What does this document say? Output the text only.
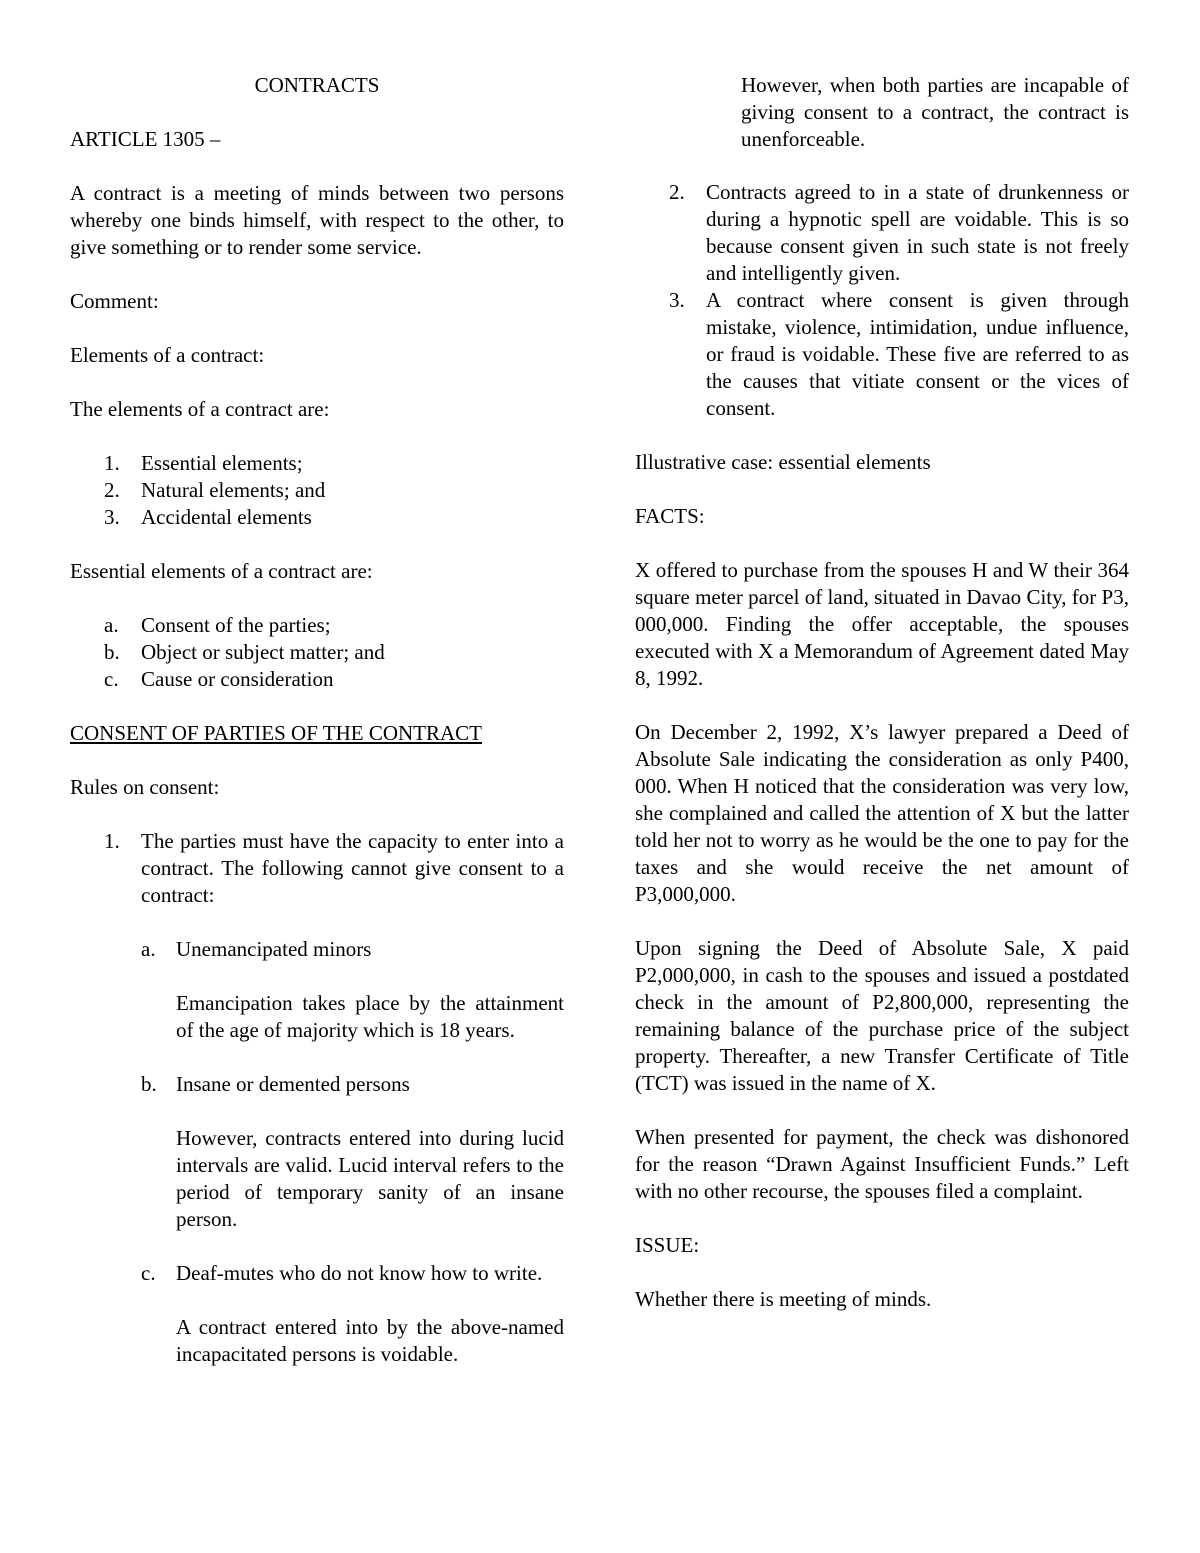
CONTRACTS

ARTICLE 1305 –

A contract is a meeting of minds between two persons whereby one binds himself, with respect to the other, to give something or to render some service.

Comment:

Elements of a contract:

The elements of a contract are:

1. Essential elements;
2. Natural elements; and
3. Accidental elements

Essential elements of a contract are:

a. Consent of the parties;
b. Object or subject matter; and
c. Cause or consideration

CONSENT OF PARTIES OF THE CONTRACT

Rules on consent:

1. The parties must have the capacity to enter into a contract. The following cannot give consent to a contract:
a. Unemancipated minors

Emancipation takes place by the attainment of the age of majority which is 18 years.

b. Insane or demented persons

However, contracts entered into during lucid intervals are valid. Lucid interval refers to the period of temporary sanity of an insane person.

c. Deaf-mutes who do not know how to write.

A contract entered into by the above-named incapacitated persons is voidable.

However, when both parties are incapable of giving consent to a contract, the contract is unenforceable.

2. Contracts agreed to in a state of drunkenness or during a hypnotic spell are voidable. This is so because consent given in such state is not freely and intelligently given.
3. A contract where consent is given through mistake, violence, intimidation, undue influence, or fraud is voidable. These five are referred to as the causes that vitiate consent or the vices of consent.

Illustrative case: essential elements

FACTS:

X offered to purchase from the spouses H and W their 364 square meter parcel of land, situated in Davao City, for P3, 000,000. Finding the offer acceptable, the spouses executed with X a Memorandum of Agreement dated May 8, 1992.

On December 2, 1992, X’s lawyer prepared a Deed of Absolute Sale indicating the consideration as only P400, 000. When H noticed that the consideration was very low, she complained and called the attention of X but the latter told her not to worry as he would be the one to pay for the taxes and she would receive the net amount of P3,000,000.

Upon signing the Deed of Absolute Sale, X paid P2,000,000, in cash to the spouses and issued a postdated check in the amount of P2,800,000, representing the remaining balance of the purchase price of the subject property. Thereafter, a new Transfer Certificate of Title (TCT) was issued in the name of X.

When presented for payment, the check was dishonored for the reason “Drawn Against Insufficient Funds.” Left with no other recourse, the spouses filed a complaint.

ISSUE:

Whether there is meeting of minds.
